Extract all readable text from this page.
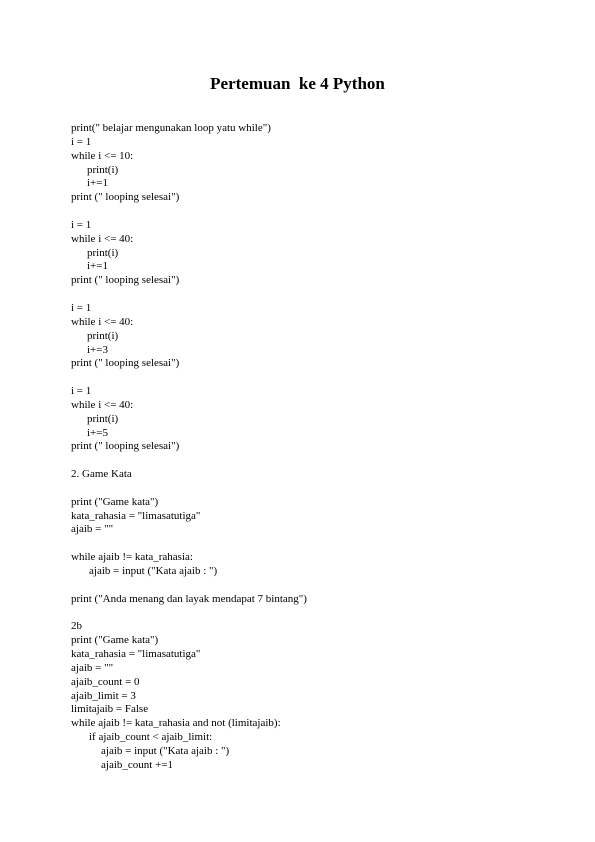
Pertemuan  ke 4 Python
print(" belajar mengunakan loop yatu while")
i = 1
while i <= 10:
print(i)
i+=1
print (" looping selesai")
i = 1
while i <= 40:
print(i)
i+=1
print (" looping selesai")
i = 1
while i <= 40:
print(i)
i+=3
print (" looping selesai")
i = 1
while i <= 40:
print(i)
i+=5
print (" looping selesai")
2. Game Kata
print ("Game kata")
kata_rahasia = "limasatutiga"
ajaib = ""
while ajaib != kata_rahasia:
ajaib = input ("Kata ajaib : ")
print ("Anda menang dan layak mendapat 7 bintang")
2b
print ("Game kata")
kata_rahasia = "limasatutiga"
ajaib = ""
ajaib_count = 0
ajaib_limit = 3
limitajaib = False
while ajaib != kata_rahasia and not (limitajaib):
if ajaib_count < ajaib_limit:
ajaib = input ("Kata ajaib : ")
ajaib_count +=1
